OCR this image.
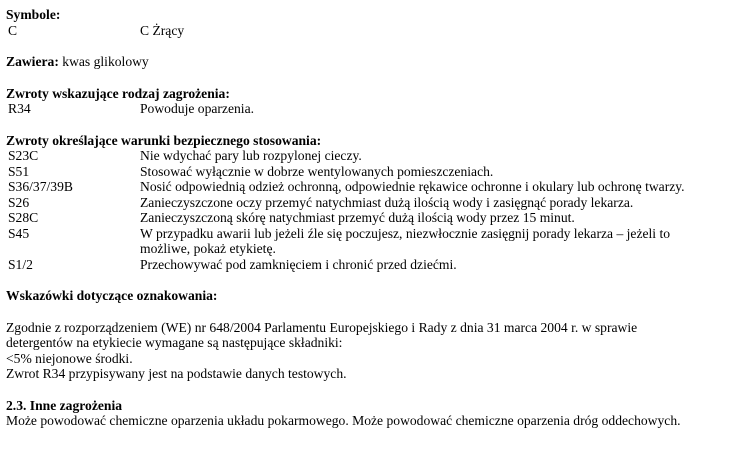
Symbole:
C	C Żrący
Zawiera: kwas glikolowy
Zwroty wskazujące rodzaj zagrożenia:
R34	Powoduje oparzenia.
Zwroty określające warunki bezpiecznego stosowania:
S23C	Nie wdychać pary lub rozpylonej cieczy.
S51	Stosować wyłącznie w dobrze wentylowanych pomieszczeniach.
S36/37/39B	Nosić odpowiednią odzież ochronną, odpowiednie rękawice ochronne i okulary lub ochronę twarzy.
S26	Zanieczyszczone oczy przemyć natychmiast dużą ilością wody i zasięgnąć porady lekarza.
S28C	Zanieczyszczoną skórę natychmiast przemyć dużą ilością wody przez 15 minut.
S45	W przypadku awarii lub jeżeli źle się poczujesz, niezwłocznie zasięgnij porady lekarza – jeżeli to
możliwe, pokaż etykietę.
S1/2	Przechowywać pod zamknięciem i chronić przed dziećmi.
Wskazówki dotyczące oznakowania:
Zgodnie z rozporządzeniem (WE) nr 648/2004 Parlamentu Europejskiego i Rady z dnia 31 marca 2004 r. w sprawie
detergentów na etykiecie wymagane są następujące składniki:
<5% niejonowe środki.
Zwrot R34 przypisywany jest na podstawie danych testowych.
2.3. Inne zagrożenia
Może powodować chemiczne oparzenia układu pokarmowego. Może powodować chemiczne oparzenia dróg oddechowych.
